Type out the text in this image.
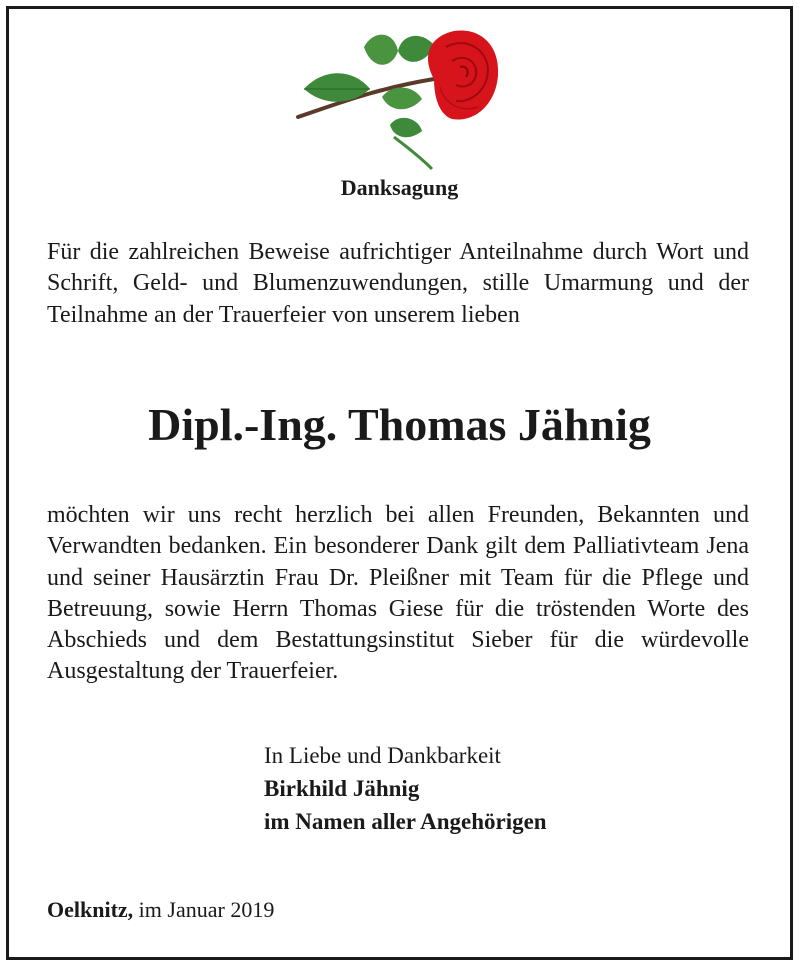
Danksagung
Für die zahlreichen Beweise aufrichtiger Anteilnahme durch Wort und Schrift, Geld- und Blumenzuwendungen, stille Umarmung und der Teilnahme an der Trauerfeier von unserem lieben
Dipl.-Ing. Thomas Jähnig
möchten wir uns recht herzlich bei allen Freunden, Bekannten und Verwandten bedanken. Ein besonderer Dank gilt dem Palliativteam Jena und seiner Hausärztin Frau Dr. Pleißner mit Team für die Pflege und Betreuung, sowie Herrn Thomas Giese für die tröstenden Worte des Abschieds und dem Bestattungsinstitut Sieber für die würdevolle Ausgestaltung der Trauerfeier.
In Liebe und Dankbarkeit
Birkhild Jähnig
im Namen aller Angehörigen
Oelknitz, im Januar 2019
